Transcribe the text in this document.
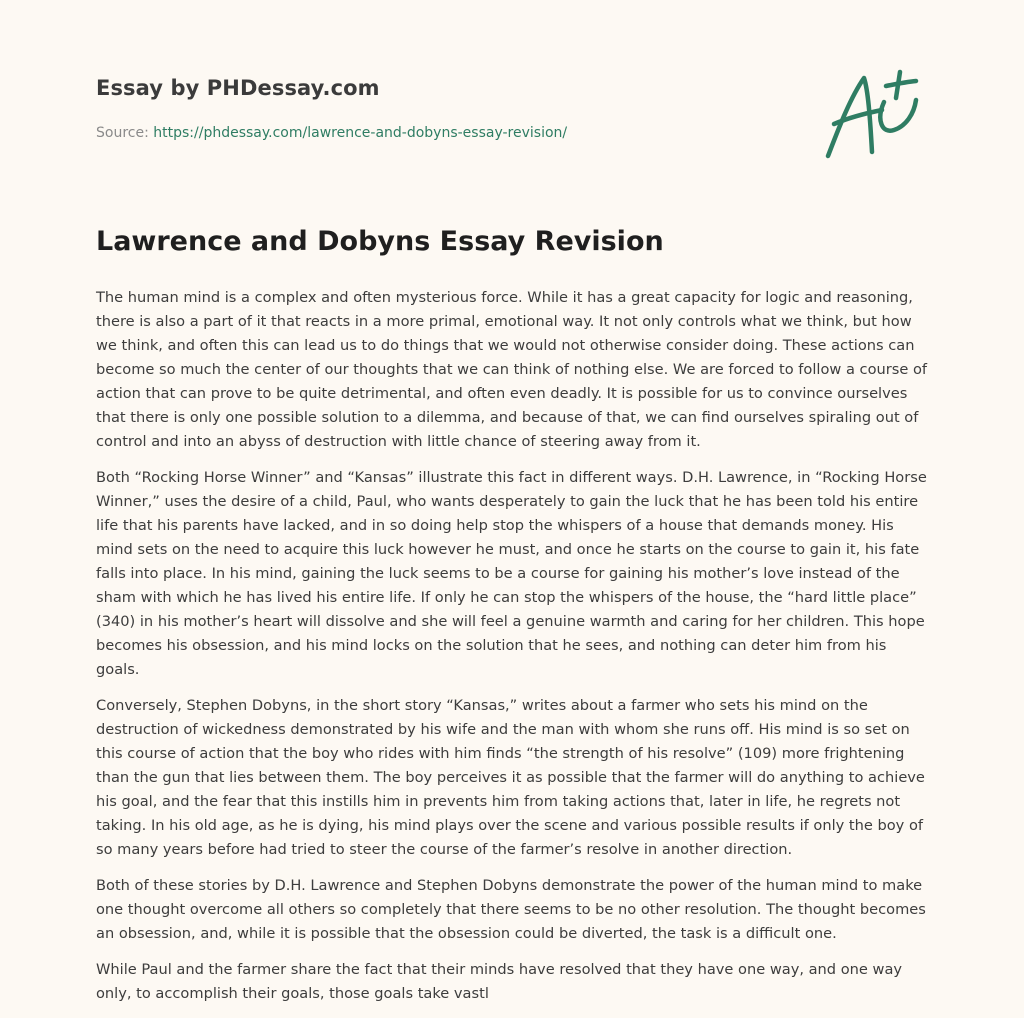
Essay by PHDessay.com
Source: https://phdessay.com/lawrence-and-dobyns-essay-revision/
Lawrence and Dobyns Essay Revision

The human mind is a complex and often mysterious force. While it has a great capacity for logic and reasoning, there is also a part of it that reacts in a more primal, emotional way. It not only controls what we think, but how we think, and often this can lead us to do things that we would not otherwise consider doing. These actions can become so much the center of our thoughts that we can think of nothing else. We are forced to follow a course of action that can prove to be quite detrimental, and often even deadly. It is possible for us to convince ourselves that there is only one possible solution to a dilemma, and because of that, we can find ourselves spiraling out of control and into an abyss of destruction with little chance of steering away from it.

Both “Rocking Horse Winner” and “Kansas” illustrate this fact in different ways. D.H. Lawrence, in “Rocking Horse Winner,” uses the desire of a child, Paul, who wants desperately to gain the luck that he has been told his entire life that his parents have lacked, and in so doing help stop the whispers of a house that demands money. His mind sets on the need to acquire this luck however he must, and once he starts on the course to gain it, his fate falls into place. In his mind, gaining the luck seems to be a course for gaining his mother’s love instead of the sham with which he has lived his entire life. If only he can stop the whispers of the house, the “hard little place” (340) in his mother’s heart will dissolve and she will feel a genuine warmth and caring for her children. This hope becomes his obsession, and his mind locks on the solution that he sees, and nothing can deter him from his goals.

Conversely, Stephen Dobyns, in the short story “Kansas,” writes about a farmer who sets his mind on the destruction of wickedness demonstrated by his wife and the man with whom she runs off. His mind is so set on this course of action that the boy who rides with him finds “the strength of his resolve” (109) more frightening than the gun that lies between them. The boy perceives it as possible that the farmer will do anything to achieve his goal, and the fear that this instills him in prevents him from taking actions that, later in life, he regrets not taking. In his old age, as he is dying, his mind plays over the scene and various possible results if only the boy of so many years before had tried to steer the course of the farmer’s resolve in another direction.

Both of these stories by D.H. Lawrence and Stephen Dobyns demonstrate the power of the human mind to make one thought overcome all others so completely that there seems to be no other resolution. The thought becomes an obsession, and, while it is possible that the obsession could be diverted, the task is a difficult one.

While Paul and the farmer share the fact that their minds have resolved that they have one way, and one way only, to accomplish their goals, those goals take vastl
